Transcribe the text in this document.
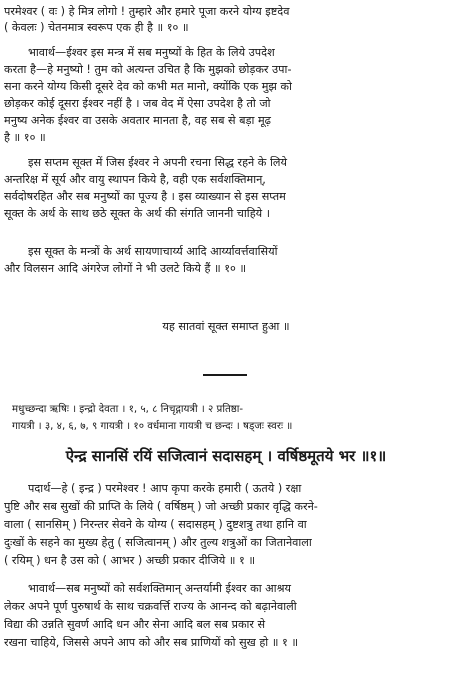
परमेश्वर ( वः ) हे मित्र लोगो ! तुम्हारे और हमारे पूजा करने योग्य इष्टदेव
( केवलः ) चेतनमात्र स्वरूप एक ही है ॥ १० ॥
भावार्थ—ईश्वर इस मन्त्र में सब मनुष्यों के हित के लिये उपदेश
करता है—हे मनुष्यो ! तुम को अत्यन्त उचित है कि मुझको छोड़कर उपा-
सना करने योग्य किसी दूसरे देव को कभी मत मानो, क्योंकि एक मुझ को
छोड़कर कोई दूसरा ईश्वर नहीं है । जब वेद में ऐसा उपदेश है तो जो
मनुष्य अनेक ईश्वर वा उसके अवतार मानता है, वह सब से बड़ा मूढ़
है ॥ १० ॥
इस सप्तम सूक्त में जिस ईश्वर ने अपनी रचना सिद्ध रहने के लिये
अन्तरिक्ष में सूर्य और वायु स्थापन किये है, वही एक सर्वशक्तिमान्,
सर्वदोषरहित और सब मनुष्यों का पूज्य है । इस व्याख्यान से इस सप्तम
सूक्त के अर्थ के साथ छठे सूक्त के अर्थ की संगति जाननी चाहिये ।
इस सूक्त के मन्त्रों के अर्थ सायणाचार्य्य आदि आर्य्यावर्त्तवासियों
और विलसन आदि अंगरेज लोगों ने भी उलटे किये हैं ॥ १० ॥
यह सातवां सूक्त समाप्त हुआ ॥
मधुच्छन्दा ऋषिः । इन्द्रो देवता । १, ५, ८ निचृद्गायत्री । २ प्रतिष्ठा-
गायत्री । ३, ४, ६, ७, ९ गायत्री । १० वर्धमाना गायत्री च छन्दः । षड्जः स्वरः ॥
ऐन्द्र सानसिं रयिं सजित्वानं सदासहम् । वर्षिष्ठमूतये भर ॥१॥
पदार्थ—हे ( इन्द्र ) परमेश्वर ! आप कृपा करके हमारी ( ऊतये ) रक्षा
पुष्टि और सब सुखों की प्राप्ति के लिये ( वर्षिष्ठम् ) जो अच्छी प्रकार वृद्धि करने-
वाला ( सानसिम् ) निरन्तर सेवने के योग्य ( सदासहम् ) दुष्टशत्रु तथा हानि वा
दुःखों के सहने का मुख्य हेतु ( सजित्वानम् ) और तुल्य शत्रुओं का जितानेवाला
( रयिम् ) धन है उस को ( आभर ) अच्छी प्रकार दीजिये ॥ १ ॥
भावार्थ—सब मनुष्यों को सर्वशक्तिमान् अन्तर्यामी ईश्वर का आश्रय
लेकर अपने पूर्ण पुरुषार्थ के साथ चक्रवर्त्ति राज्य के आनन्द को बढ़ानेवाली
विद्या की उन्नति सुवर्ण आदि धन और सेना आदि बल सब प्रकार से
रखना चाहिये, जिससे अपने आप को और सब प्राणियों को सुख हो ॥ १ ॥
